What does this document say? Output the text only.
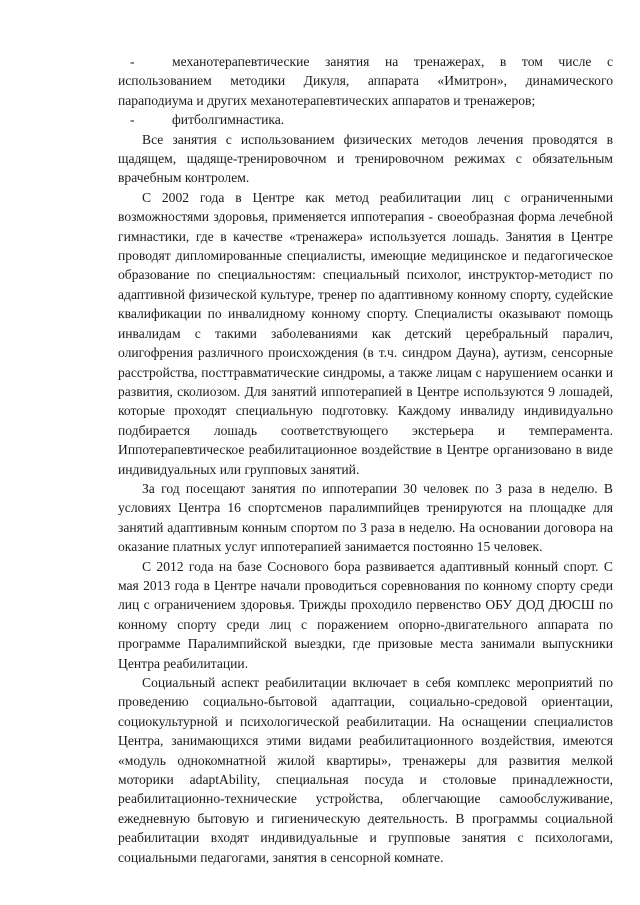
-	механотерапевтические занятия на тренажерах, в том числе с использованием методики Дикуля, аппарата «Имитрон», динамического параподиума и других механотерапевтических аппаратов и тренажеров;

-	фитболгимнастика.

Все занятия с использованием физических методов лечения проводятся в щадящем, щадяще-тренировочном и тренировочном режимах с обязательным врачебным контролем.

С 2002 года в Центре как метод реабилитации лиц с ограниченными возможностями здоровья, применяется иппотерапия - своеобразная форма лечебной гимнастики, где в качестве «тренажера» используется лошадь. Занятия в Центре проводят дипломированные специалисты, имеющие медицинское и педагогическое образование по специальностям: специальный психолог, инструктор-методист по адаптивной физической культуре, тренер по адаптивному конному спорту, судейские квалификации по инвалидному конному спорту. Специалисты оказывают помощь инвалидам с такими заболеваниями как детский церебральный паралич, олигофрения различного происхождения (в т.ч. синдром Дауна), аутизм, сенсорные расстройства, посттравматические синдромы, а также лицам с нарушением осанки и развития, сколиозом. Для занятий иппотерапией в Центре используются 9 лошадей, которые проходят специальную подготовку. Каждому инвалиду индивидуально подбирается лошадь соответствующего экстерьера и темперамента. Иппотерапевтическое реабилитационное воздействие в Центре организовано в виде индивидуальных или групповых занятий.

За год посещают занятия по иппотерапии 30 человек по 3 раза в неделю. В условиях Центра 16 спортсменов паралимпийцев тренируются на площадке для занятий адаптивным конным спортом по 3 раза в неделю. На основании договора на оказание платных услуг иппотерапией занимается постоянно 15 человек.

С 2012 года на базе Соснового бора развивается адаптивный конный спорт. С мая 2013 года в Центре начали проводиться соревнования по конному спорту среди лиц с ограничением здоровья. Трижды проходило первенство ОБУ ДОД ДЮСШ по конному спорту среди лиц с поражением опорно-двигательного аппарата по программе Паралимпийской выездки, где призовые места занимали выпускники Центра реабилитации.

Социальный аспект реабилитации включает в себя комплекс мероприятий по проведению социально-бытовой адаптации, социально-средовой ориентации, социокультурной и психологической реабилитации. На оснащении специалистов Центра, занимающихся этими видами реабилитационного воздействия, имеются «модуль однокомнатной жилой квартиры», тренажеры для развития мелкой моторики adaptAbility, специальная посуда и столовые принадлежности, реабилитационно-технические устройства, облегчающие самообслуживание, ежедневную бытовую и гигиеническую деятельность. В программы социальной реабилитации входят индивидуальные и групповые занятия с психологами, социальными педагогами, занятия в сенсорной комнате.
